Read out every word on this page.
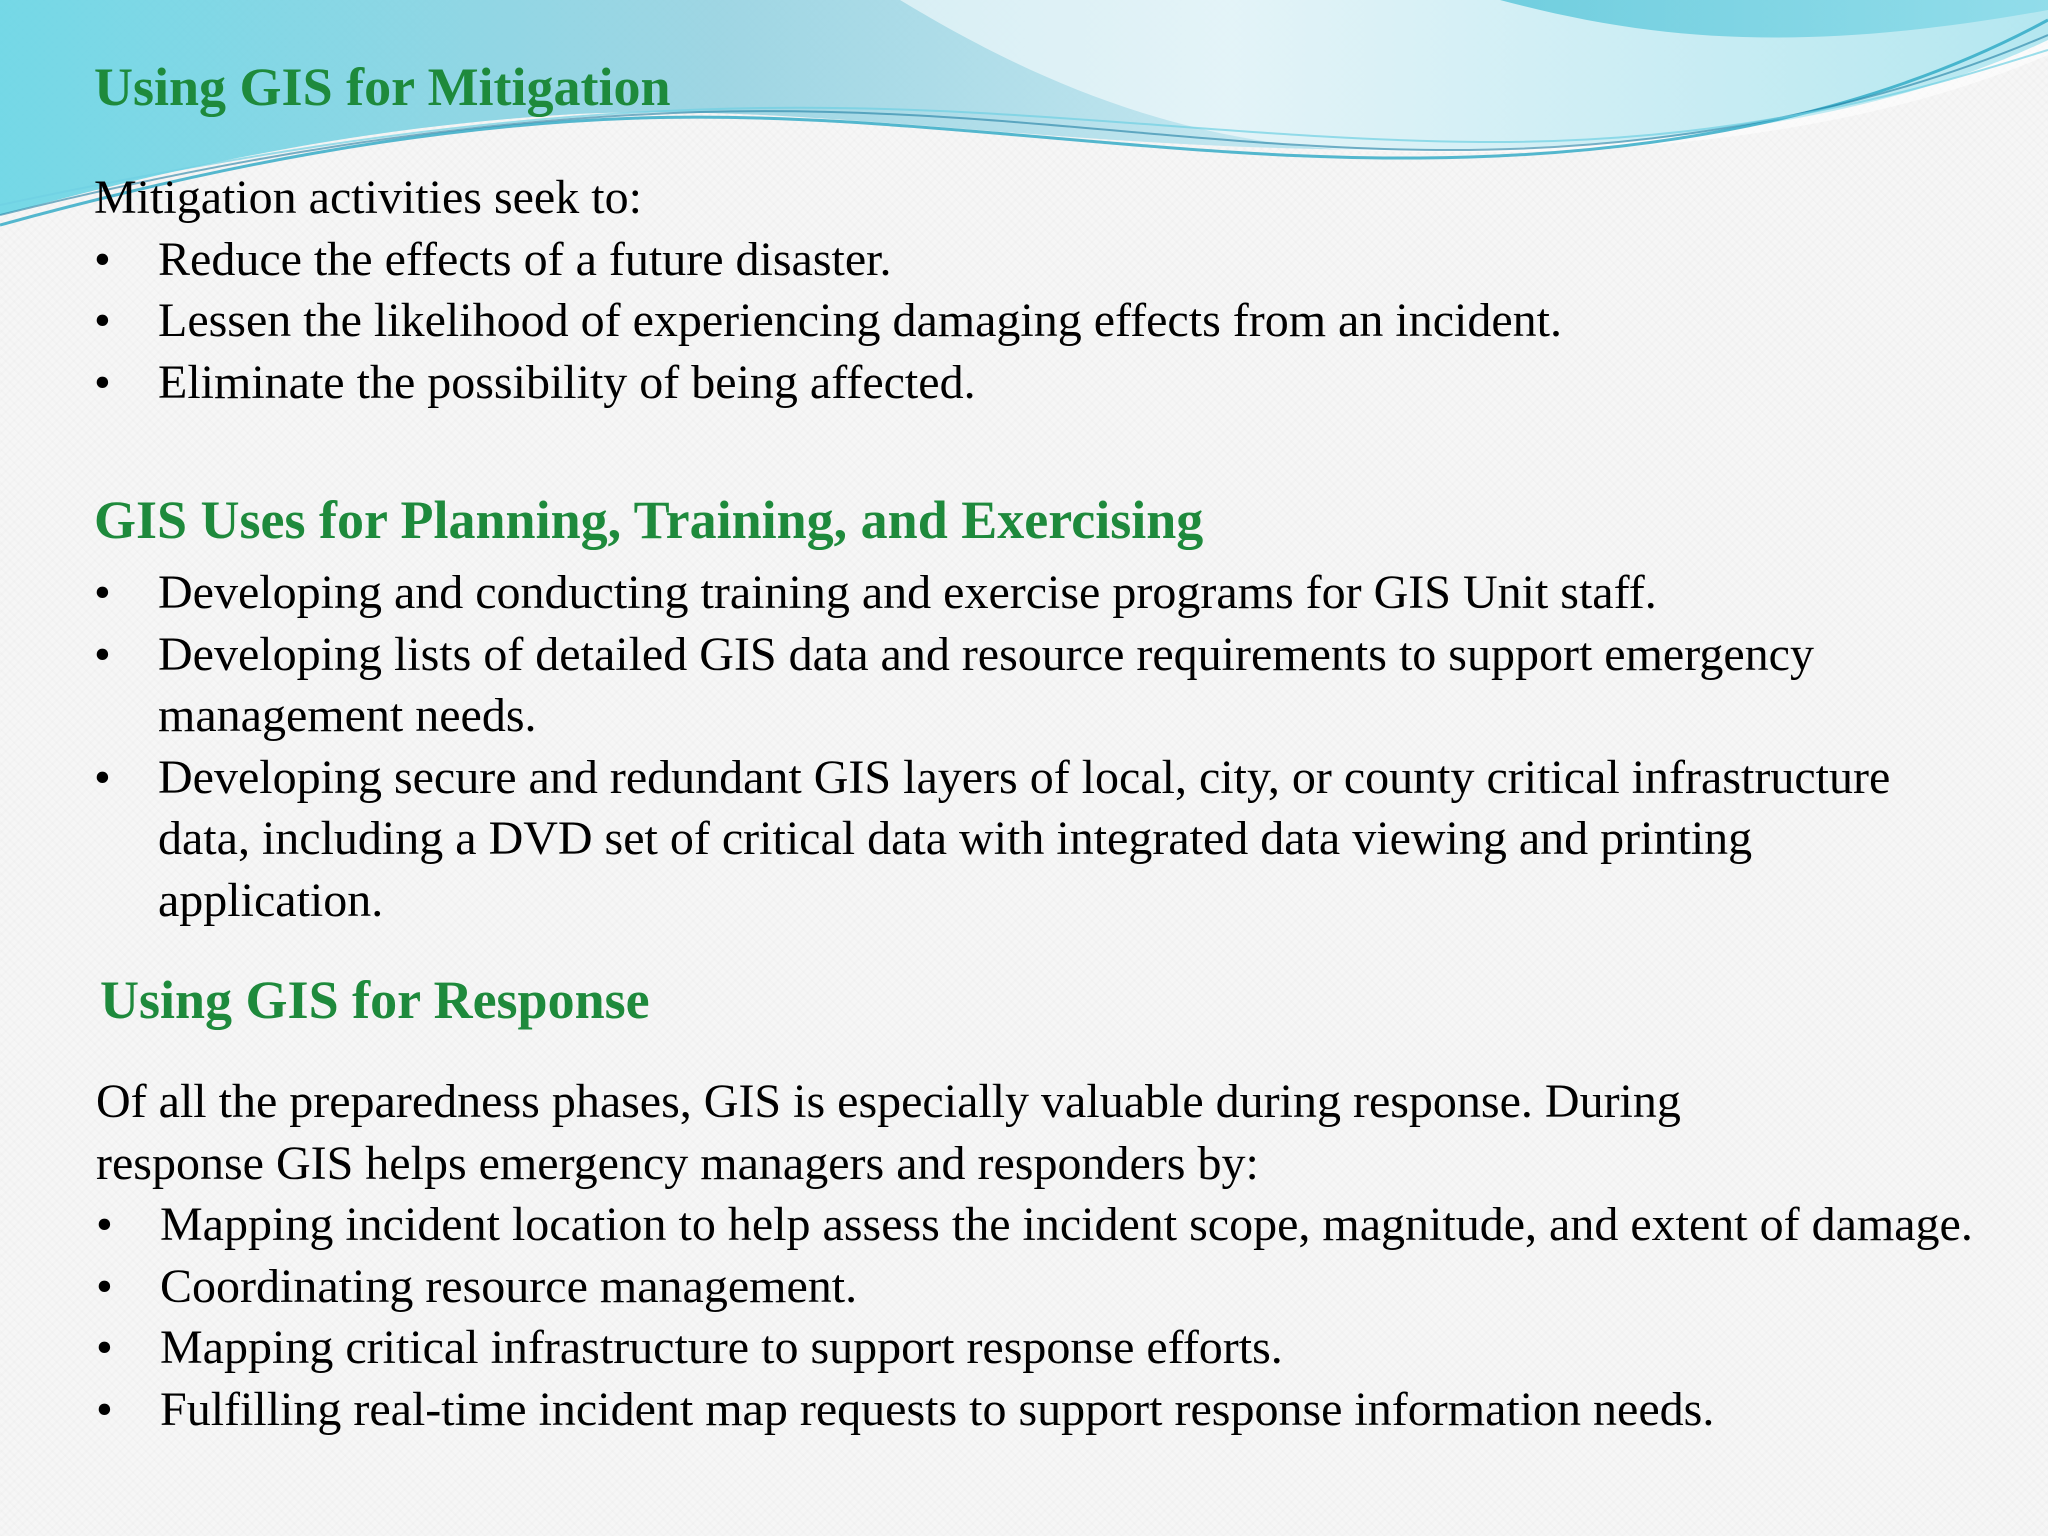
Using GIS for Mitigation

Mitigation activities seek to:

• Reduce the effects of a future disaster.
• Lessen the likelihood of experiencing damaging effects from an incident.
• Eliminate the possibility of being affected.
GIS Uses for Planning, Training, and Exercising
• Developing and conducting training and exercise programs for GIS Unit staff.
• Developing lists of detailed GIS data and resource requirements to support emergency management needs.
• Developing secure and redundant GIS layers of local, city, or county critical infrastructure data, including a DVD set of critical data with integrated data viewing and printing application.
Using GIS for Response

Of all the preparedness phases, GIS is especially valuable during response. During

response GIS helps emergency managers and responders by:

• Mapping incident location to help assess the incident scope, magnitude, and extent of damage.
• Coordinating resource management.
• Mapping critical infrastructure to support response efforts.
• Fulfilling real-time incident map requests to support response information needs.
